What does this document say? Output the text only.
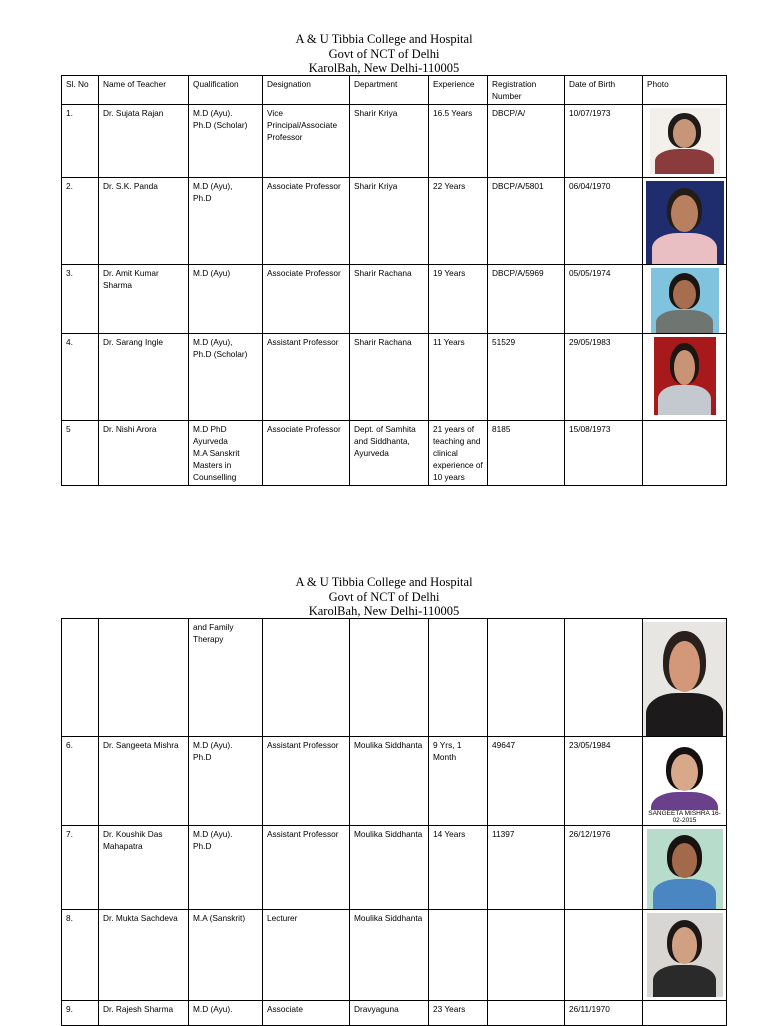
A & U Tibbia College and Hospital
Govt of NCT of Delhi
KarolBah, New Delhi-110005
Sl. No	Name of Teacher	Qualification	Designation	Department	Experience	Registration Number	Date of Birth	Photo
1.	Dr. Sujata Rajan	M.D (Ayu).
Ph.D (Scholar)	Vice Principal/Associate Professor	Sharir Kriya	16.5 Years	DBCP/A/	10/07/1973	

2.	Dr. S.K. Panda	M.D (Ayu),
Ph.D	Associate Professor	Sharir Kriya	22 Years	DBCP/A/5801	06/04/1970	

3.	Dr. Amit Kumar Sharma	M.D (Ayu)	Associate Professor	Sharir Rachana	19 Years	DBCP/A/5969	05/05/1974	

4.	Dr. Sarang Ingle	M.D (Ayu),
Ph.D (Scholar)	Assistant Professor	Sharir Rachana	11 Years	51529	29/05/1983	

5	Dr. Nishi Arora	M.D PhD Ayurveda
M.A Sanskrit
Masters in Counselling	Associate Professor	Dept. of Samhita and Siddhanta, Ayurveda	21 years of teaching and clinical experience of 10 years	8185	15/08/1973	
A & U Tibbia College and Hospital
Govt of NCT of Delhi
KarolBah, New Delhi-110005
		and Family Therapy						

6.	Dr. Sangeeta Mishra	M.D (Ayu).
Ph.D	Assistant Professor	Moulika Siddhanta	9 Yrs, 1 Month	49647	23/05/1984	SANGEETA MISHRA 16-02-2015

7.	Dr. Koushik Das Mahapatra	M.D (Ayu).
Ph.D	Assistant Professor	Moulika Siddhanta	14 Years	11397	26/12/1976	

8.	Dr. Mukta Sachdeva	M.A (Sanskrit)	Lecturer	Moulika Siddhanta				

9.	Dr. Rajesh Sharma	M.D (Ayu).	Associate	Dravyaguna	23 Years		26/11/1970	
